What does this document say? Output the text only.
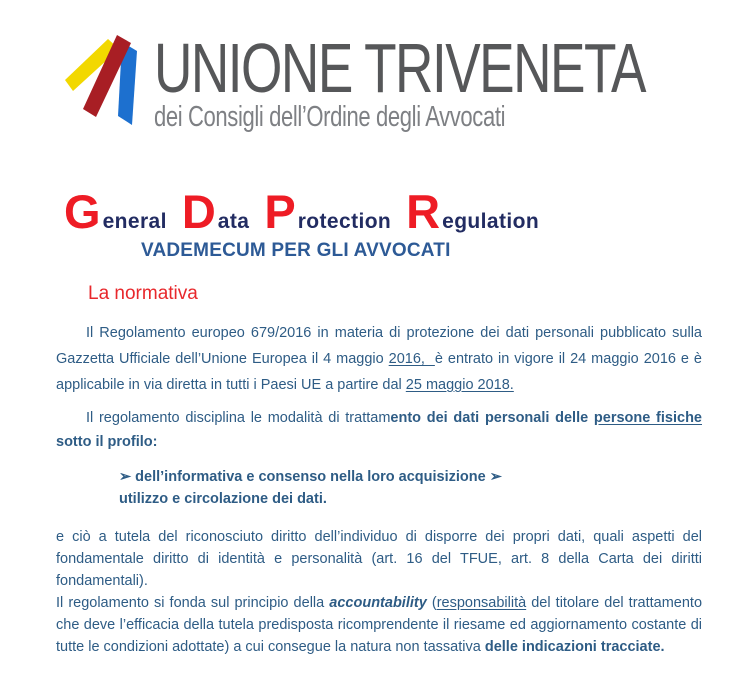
UNIONE TRIVENETA
dei Consigli dell’Ordine degli Avvocati
G eneral D ata P rotection R egulation
VADEMECUM PER GLI AVVOCATI
La normativa

Il Regolamento europeo 679/2016 in materia di protezione dei dati personali pubblicato sulla Gazzetta Ufficiale dell’Unione Europea il 4 maggio 2016,  è entrato in vigore il 24 maggio 2016 e è applicabile in via diretta in tutti i Paesi UE a partire dal 25 maggio 2018.

Il regolamento disciplina le modalità di trattamento dei dati personali delle persone fisiche sotto il profilo:

➢ dell’informativa e consenso nella loro acquisizione ➢
utilizzo e circolazione dei dati.
e ciò a tutela del riconosciuto diritto dell’individuo di disporre dei propri dati, quali aspetti del fondamentale diritto di identità e personalità (art. 16 del TFUE, art. 8 della Carta dei diritti fondamentali).
Il regolamento si fonda sul principio della accountability (responsabilità del titolare del trattamento che deve l’efficacia della tutela predisposta ricomprendente il riesame ed aggiornamento costante di tutte le condizioni adottate) a cui consegue la natura non tassativa delle indicazioni tracciate.
